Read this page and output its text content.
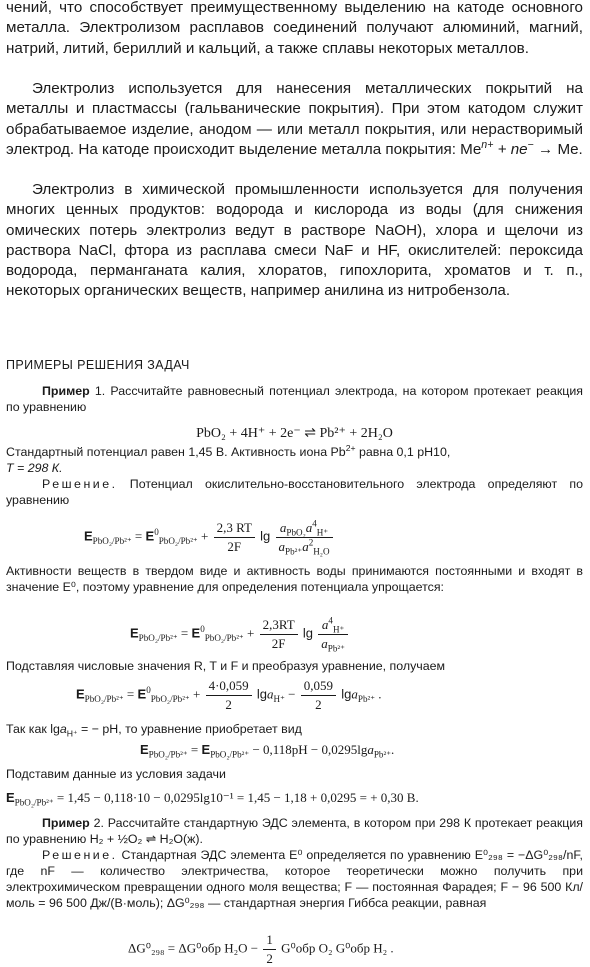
чений, что способствует преимущественному выделению на катоде основного металла. Электролизом расплавов соединений получают алюминий, магний, натрий, литий, бериллий и кальций, а также сплавы некоторых металлов.

Электролиз используется для нанесения металлических покрытий на металлы и пластмассы (гальванические покрытия). При этом катодом служит обрабатываемое изделие, анодом — или металл покрытия, или нерастворимый электрод. На катоде происходит выделение металла покрытия: $Me^{n+} + ne^- \to Me$.

Электролиз в химической промышленности используется для получения многих ценных продуктов: водорода и кислорода из воды (для снижения омических потерь электролиз ведут в растворе NaOH), хлора и щелочи из раствора NaCl, фтора из расплава смеси NaF и HF, окислителей: пероксида водорода, перманганата калия, хлоратов, гипохлорита, хроматов и т. п., некоторых органических веществ, например анилина из нитробензола.

ПРИМЕРЫ РЕШЕНИЯ ЗАДАЧ

Пример 1. Рассчитайте равновесный потенциал электрода, на котором протекает реакция по уравнению

PbO₂ + 4H⁺ + 2e⁻ ⇌ Pb²⁺ + 2H₂O

Стандартный потенциал равен 1,45 В. Активность иона $Pb^{2+}$ равна 0,1 pH10,
T = 298 К.

Решение. Потенциал окислительно-восстановительного электрода определяют по уравнению

$E_{PbO_2/Pb^{2+}} = E^0_{PbO_2/Pb^{2+}} + \frac{2,3 RT}{2F}$ $\lg \frac{a_{PbO_2}a^4_{H^+}}{a_{Pb^{2+}}a^2_{H_2O}}$

Активности веществ в твердом виде и активность воды принимаются постоянными и входят в значение E⁰, поэтому уравнение для определения потенциала упрощается:

$E_{PbO_2/Pb^{2+}} = E^0_{PbO_2/Pb^{2+}} + \frac{2,3RT}{2F}$ $\lg \frac{a^4_{H^+}}{a_{Pb^{2+}}}$

Подставляя числовые значения R, T и F и преобразуя уравнение, получаем

$E_{PbO_2/Pb^{2+}} = E^0_{PbO_2/Pb^{2+}} + \frac{4\cdot 0,059}{2} \lg a_{H^+} - \frac{0,059}{2} \lg a_{Pb^{2+}}$ .

Так как lga$_{H^+}$ = − pH, то уравнение приобретает вид

$E_{PbO_2/Pb^{2+}} = E_{PbO_2/Pb^{2+}} - 0,118pH - 0,0295\lg a_{Pb^{2+}}$.

Подставим данные из условия задачи

$E_{PbO_2/Pb^{2+}} = 1,45 - 0,118\cdot 10 - 0,0295\lg 10^{-1} = 1,45 - 1,18 + 0,0295$ = + 0,30 В.

Пример 2. Рассчитайте стандартную ЭДС элемента, в котором при 298 К протекает реакция по уравнению H₂ + ½O₂ ⇌ H₂O(ж).

Решение. Стандартная ЭДС элемента E⁰ определяется по уравнению E⁰₂₉₈ = −ΔG⁰₂₉₈/nF, где nF — количество электричества, которое теоретически можно получить при электрохимическом превращении одного моля вещества; F — постоянная Фарадея; F − 96 500 Кл/моль = 96 500 Дж/(В·моль); ΔG⁰₂₉₈ — стандартная энергия Гиббса реакции, равная

ΔG⁰₂₉₈ = ΔG⁰обр $H_2O - \frac{1}{2} G^0обр$ O₂ G⁰обр H₂ .
